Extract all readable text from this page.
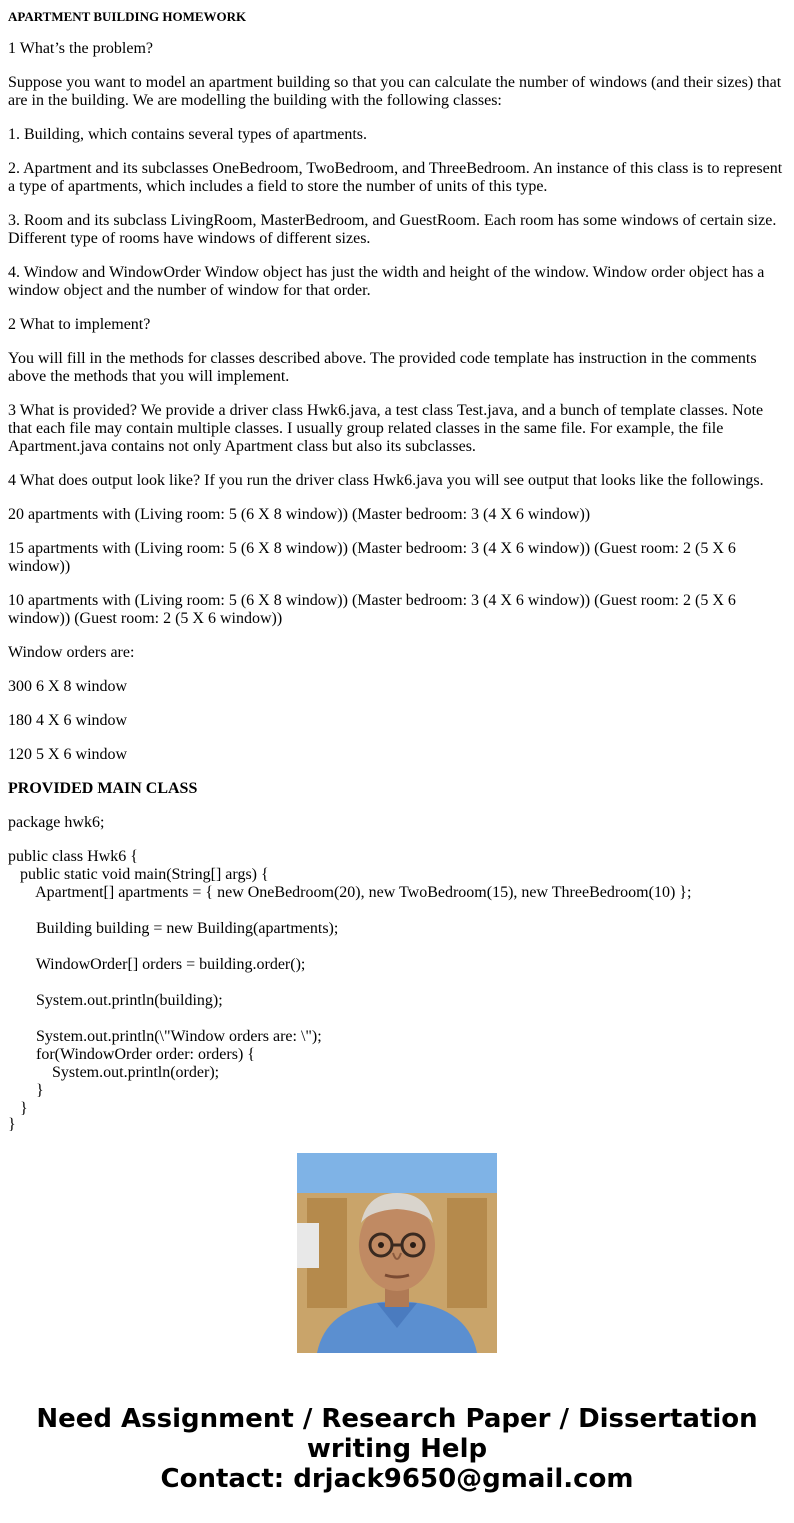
APARTMENT BUILDING HOMEWORK
1 What’s the problem?
Suppose you want to model an apartment building so that you can calculate the number of windows (and their sizes) that are in the building. We are modelling the building with the following classes:
1. Building, which contains several types of apartments.
2. Apartment and its subclasses OneBedroom, TwoBedroom, and ThreeBedroom. An instance of this class is to represent a type of apartments, which includes a field to store the number of units of this type.
3. Room and its subclass LivingRoom, MasterBedroom, and GuestRoom. Each room has some windows of certain size. Different type of rooms have windows of different sizes.
4. Window and WindowOrder Window object has just the width and height of the window. Window order object has a window object and the number of window for that order.
2 What to implement?
You will fill in the methods for classes described above. The provided code template has instruction in the comments above the methods that you will implement.
3 What is provided? We provide a driver class Hwk6.java, a test class Test.java, and a bunch of template classes. Note that each file may contain multiple classes. I usually group related classes in the same file. For example, the file Apartment.java contains not only Apartment class but also its subclasses.
4 What does output look like? If you run the driver class Hwk6.java you will see output that looks like the followings.
20 apartments with (Living room: 5 (6 X 8 window)) (Master bedroom: 3 (4 X 6 window))
15 apartments with (Living room: 5 (6 X 8 window)) (Master bedroom: 3 (4 X 6 window)) (Guest room: 2 (5 X 6 window))
10 apartments with (Living room: 5 (6 X 8 window)) (Master bedroom: 3 (4 X 6 window)) (Guest room: 2 (5 X 6 window)) (Guest room: 2 (5 X 6 window))
Window orders are:
300 6 X 8 window
180 4 X 6 window
120 5 X 6 window
PROVIDED MAIN CLASS
package hwk6;
public class Hwk6 {
public static void main(String[] args) {
Apartment[] apartments = { new OneBedroom(20), new TwoBedroom(15), new ThreeBedroom(10) };
Building building = new Building(apartments);
WindowOrder[] orders = building.order();
System.out.println(building);
System.out.println(\"Window orders are: \");
for(WindowOrder order: orders) {
System.out.println(order);
}
}
}
Need Assignment / Research Paper / Dissertation
writing Help
Contact: drjack9650@gmail.com
